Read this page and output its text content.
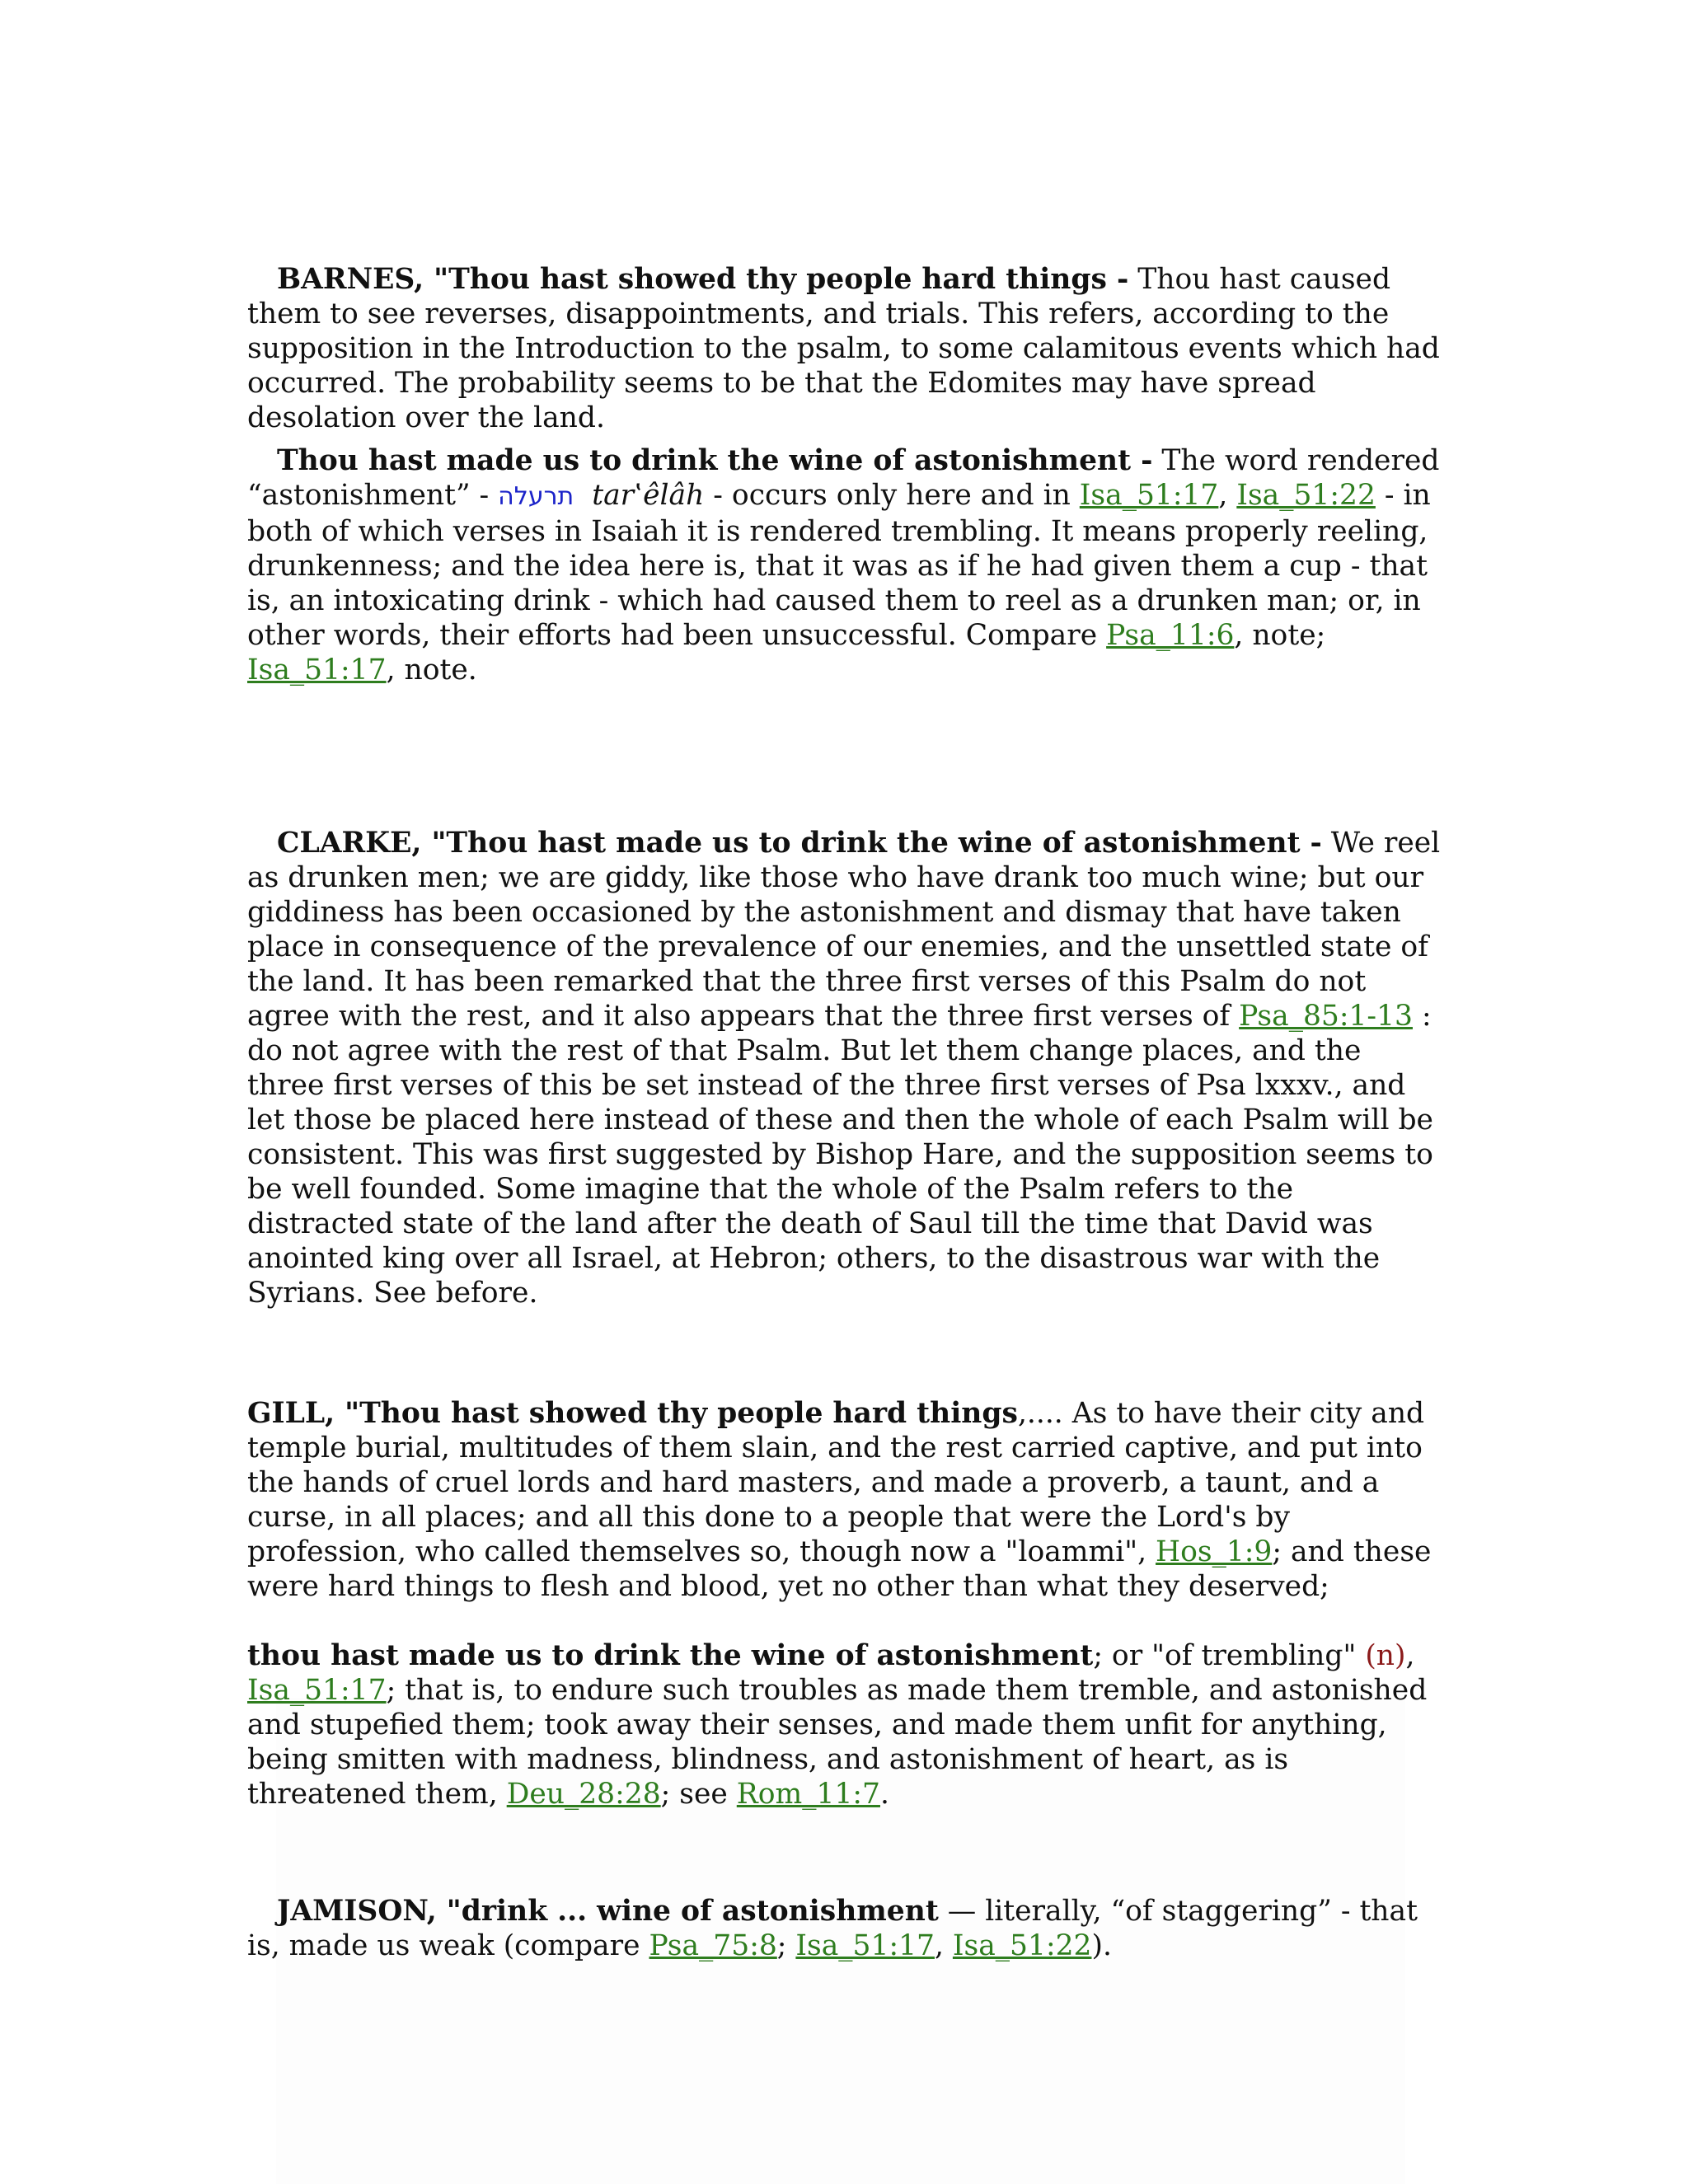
BARNES, "Thou hast showed thy people hard things - Thou hast caused them to see reverses, disappointments, and trials. This refers, according to the supposition in the Introduction to the psalm, to some calamitous events which had occurred. The probability seems to be that the Edomites may have spread desolation over the land.

Thou hast made us to drink the wine of astonishment - The word rendered “astonishment” - תרעלה tar‛êlâh - occurs only here and in Isa_51:17, Isa_51:22 - in both of which verses in Isaiah it is rendered trembling. It means properly reeling, drunkenness; and the idea here is, that it was as if he had given them a cup - that is, an intoxicating drink - which had caused them to reel as a drunken man; or, in other words, their efforts had been unsuccessful. Compare Psa_11:6, note; Isa_51:17, note.

CLARKE, "Thou hast made us to drink the wine of astonishment - We reel as drunken men; we are giddy, like those who have drank too much wine; but our giddiness has been occasioned by the astonishment and dismay that have taken place in consequence of the prevalence of our enemies, and the unsettled state of the land. It has been remarked that the three first verses of this Psalm do not agree with the rest, and it also appears that the three first verses of Psa_85:1-13 : do not agree with the rest of that Psalm. But let them change places, and the three first verses of this be set instead of the three first verses of Psa lxxxv., and let those be placed here instead of these and then the whole of each Psalm will be consistent. This was first suggested by Bishop Hare, and the supposition seems to be well founded. Some imagine that the whole of the Psalm refers to the distracted state of the land after the death of Saul till the time that David was anointed king over all Israel, at Hebron; others, to the disastrous war with the Syrians. See before.

GILL, "Thou hast showed thy people hard things,.... As to have their city and temple burial, multitudes of them slain, and the rest carried captive, and put into the hands of cruel lords and hard masters, and made a proverb, a taunt, and a curse, in all places; and all this done to a people that were the Lord's by profession, who called themselves so, though now a "loammi", Hos_1:9; and these were hard things to flesh and blood, yet no other than what they deserved;

thou hast made us to drink the wine of astonishment; or "of trembling" (n), Isa_51:17; that is, to endure such troubles as made them tremble, and astonished and stupefied them; took away their senses, and made them unfit for anything, being smitten with madness, blindness, and astonishment of heart, as is threatened them, Deu_28:28; see Rom_11:7.

JAMISON, "drink ... wine of astonishment — literally, “of staggering” - that is, made us weak (compare Psa_75:8; Isa_51:17, Isa_51:22).
